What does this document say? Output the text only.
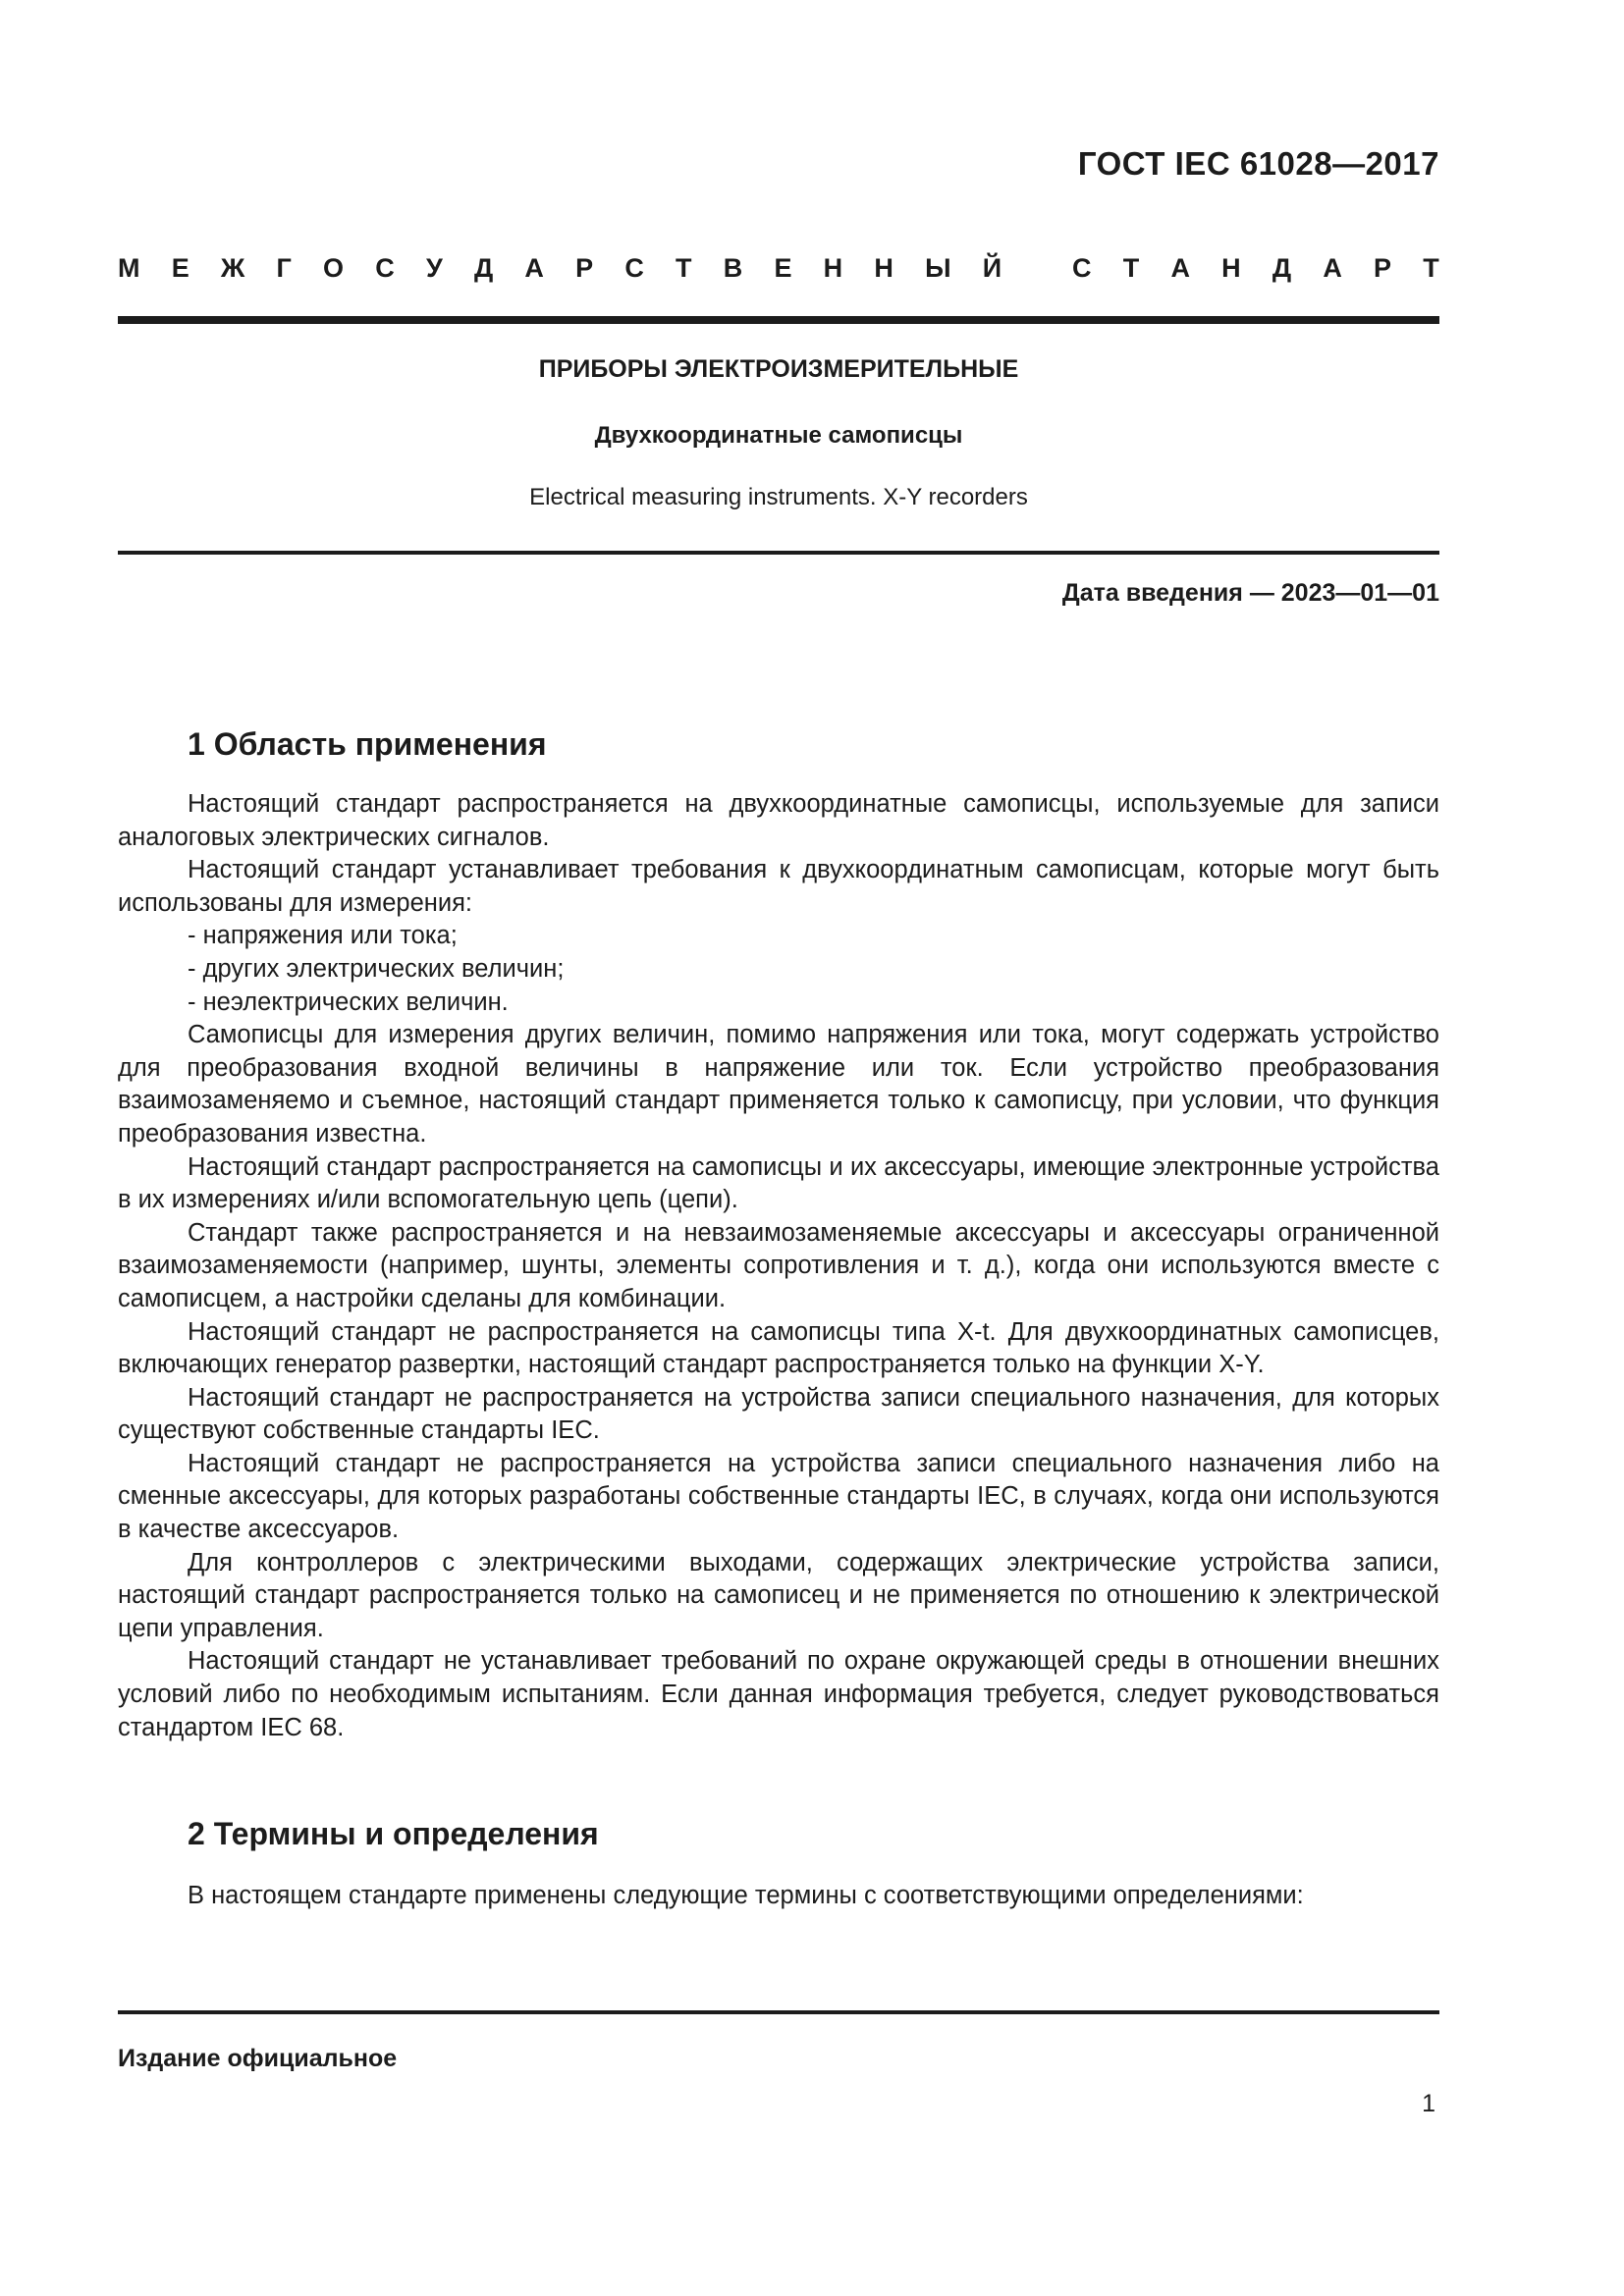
ГОСТ IEC 61028—2017
М Е Ж Г О С У Д А Р С Т В Е Н Н Ы Й
	С Т А Н Д А Р Т
ПРИБОРЫ ЭЛЕКТРОИЗМЕРИТЕЛЬНЫЕ
Двухкоординатные самописцы
Electrical measuring instruments. X-Y recorders
Дата введения — 2023—01—01
1 Область применения

Настоящий стандарт распространяется на двухкоординатные самописцы, используемые для записи аналоговых электрических сигналов.

Настоящий стандарт устанавливает требования к двухкоординатным самописцам, которые могут быть использованы для измерения:

- напряжения или тока;

- других электрических величин;

- неэлектрических величин.

Самописцы для измерения других величин, помимо напряжения или тока, могут содержать устройство для преобразования входной величины в напряжение или ток. Если устройство преобразования взаимозаменяемо и съемное, настоящий стандарт применяется только к самописцу, при условии, что функция преобразования известна.

Настоящий стандарт распространяется на самописцы и их аксессуары, имеющие электронные устройства в их измерениях и/или вспомогательную цепь (цепи).

Стандарт также распространяется и на невзаимозаменяемые аксессуары и аксессуары ограниченной взаимозаменяемости (например, шунты, элементы сопротивления и т. д.), когда они используются вместе с самописцем, а настройки сделаны для комбинации.

Настоящий стандарт не распространяется на самописцы типа X-t. Для двухкоординатных самописцев, включающих генератор развертки, настоящий стандарт распространяется только на функции X-Y.

Настоящий стандарт не распространяется на устройства записи специального назначения, для которых существуют собственные стандарты IEC.

Настоящий стандарт не распространяется на устройства записи специального назначения либо на сменные аксессуары, для которых разработаны собственные стандарты IEC, в случаях, когда они используются в качестве аксессуаров.

Для контроллеров с электрическими выходами, содержащих электрические устройства записи, настоящий стандарт распространяется только на самописец и не применяется по отношению к электрической цепи управления.

Настоящий стандарт не устанавливает требований по охране окружающей среды в отношении внешних условий либо по необходимым испытаниям. Если данная информация требуется, следует руководствоваться стандартом IEC 68.

2 Термины и определения

В настоящем стандарте применены следующие термины с соответствующими определениями:

Издание официальное
1
